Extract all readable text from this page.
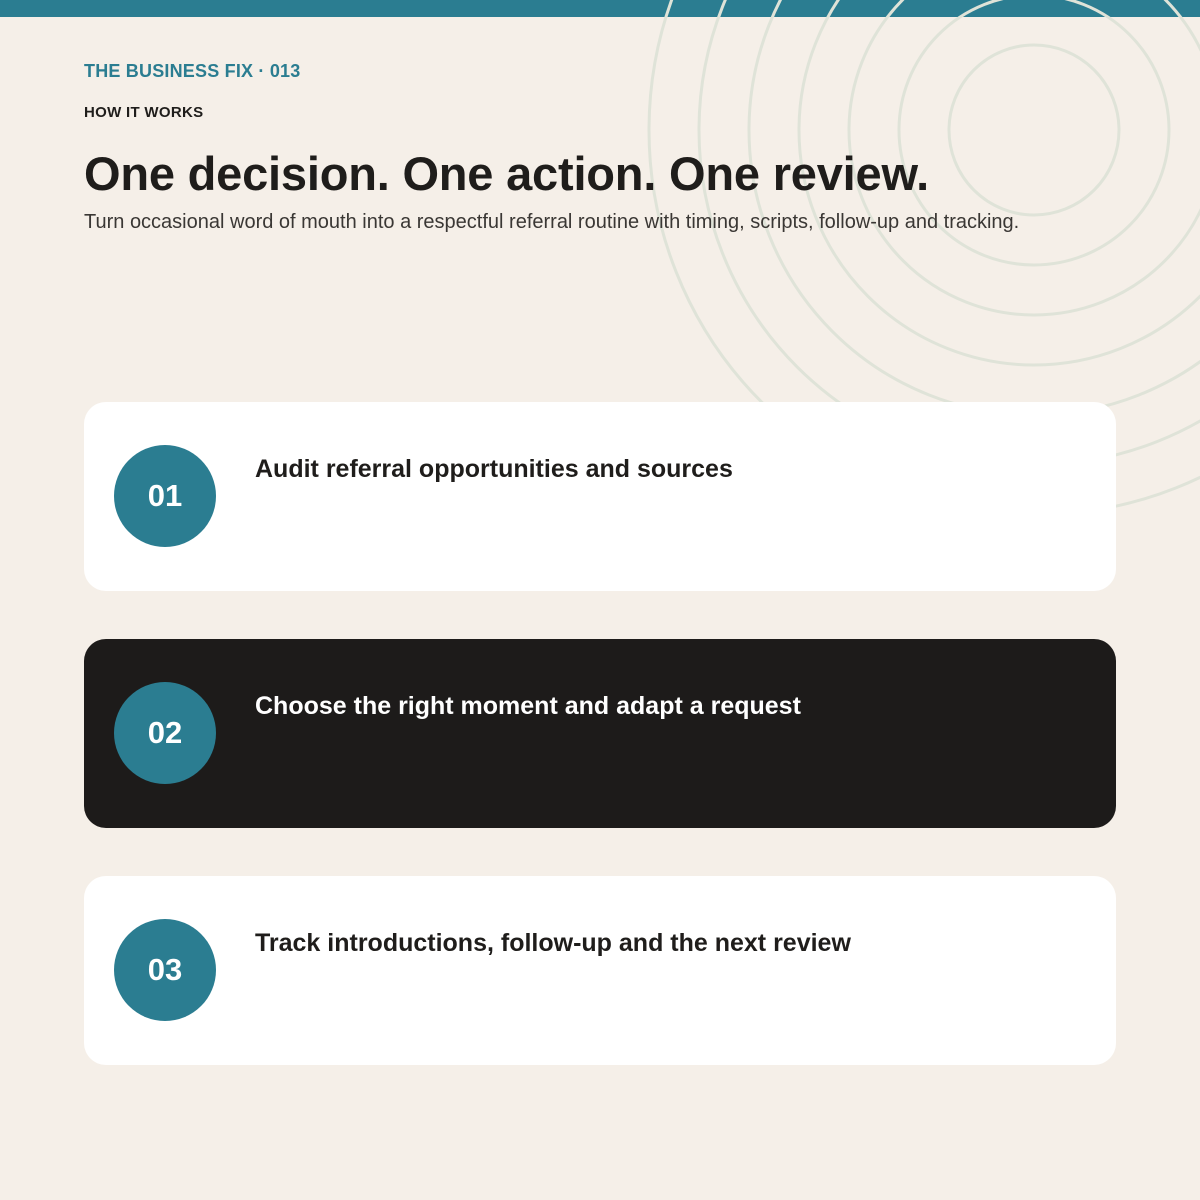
THE BUSINESS FIX · 013
HOW IT WORKS
One decision. One action. One review.

Turn occasional word of mouth into a respectful referral routine with timing, scripts, follow-up and tracking.

01
Audit referral opportunities and sources
02
Choose the right moment and adapt a request
03
Track introductions, follow-up and the next review
